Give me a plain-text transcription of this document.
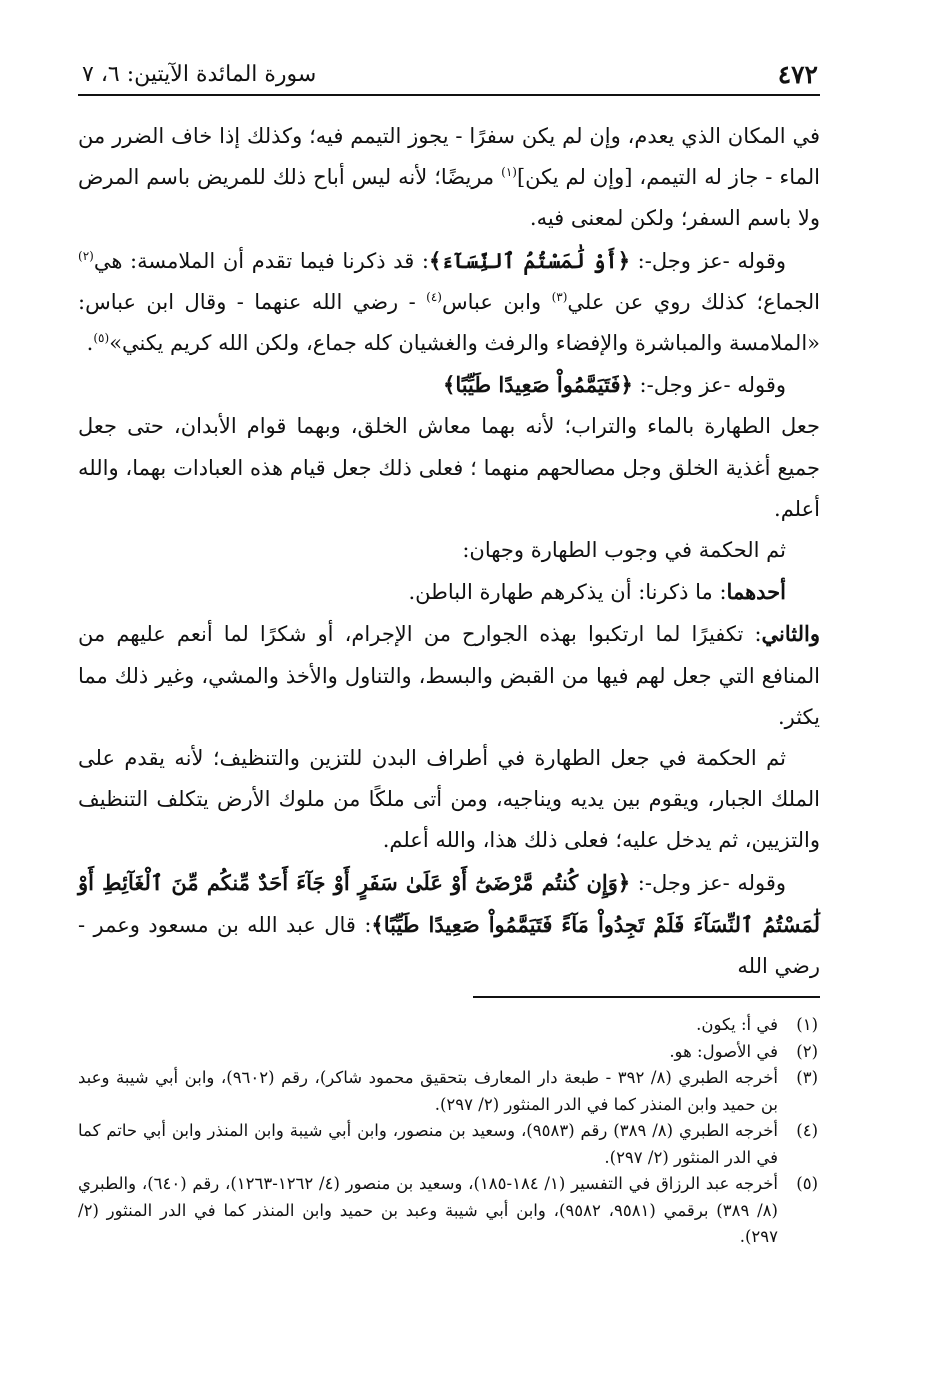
٤٧٢
سورة المائدة الآيتين: ٦، ٧

في المكان الذي يعدم، وإن لم يكن سفرًا - يجوز التيمم فيه؛ وكذلك إذا خاف الضرر من الماء - جاز له التيمم، [وإن لم يكن]$^{(١)}$ مريضًا؛ لأنه ليس أباح ذلك للمريض باسم المرض ولا باسم السفر؛ ولكن لمعنى فيه.

وقوله -عز وجل-: ﴿أَوْ لَٰمَسْتُمُ ٱلنِّسَآءَ﴾: قد ذكرنا فيما تقدم أن الملامسة: هي$^{(٢)}$ الجماع؛ كذلك روي عن علي$^{(٣)}$ وابن عباس$^{(٤)}$ - رضي الله عنهما - وقال ابن عباس: «الملامسة والمباشرة والإفضاء والرفث والغشيان كله جماع، ولكن الله كريم يكني»$^{(٥)}$.

وقوله -عز وجل-: ﴿فَتَيَمَّمُواْ صَعِيدًا طَيِّبًا﴾

جعل الطهارة بالماء والتراب؛ لأنه بهما معاش الخلق، وبهما قوام الأبدان، حتى جعل جميع أغذية الخلق وجل مصالحهم منهما ؛ فعلى ذلك جعل قيام هذه العبادات بهما، والله أعلم.

ثم الحكمة في وجوب الطهارة وجهان:

أحدهما: ما ذكرنا: أن يذكرهم طهارة الباطن.

والثاني: تكفيرًا لما ارتكبوا بهذه الجوارح من الإجرام، أو شكرًا لما أنعم عليهم من المنافع التي جعل لهم فيها من القبض والبسط، والتناول والأخذ والمشي، وغير ذلك مما يكثر.

ثم الحكمة في جعل الطهارة في أطراف البدن للتزين والتنظيف؛ لأنه يقدم على الملك الجبار، ويقوم بين يديه ويناجيه، ومن أتى ملكًا من ملوك الأرض يتكلف التنظيف والتزيين، ثم يدخل عليه؛ فعلى ذلك هذا، والله أعلم.

وقوله -عز وجل-: ﴿وَإِن كُنتُم مَّرْضَىٰٓ أَوْ عَلَىٰ سَفَرٍ أَوْ جَآءَ أَحَدٌ مِّنكُم مِّنَ ٱلْغَآئِطِ أَوْ لَٰمَسْتُمُ ٱلنِّسَآءَ فَلَمْ تَجِدُواْ مَآءً فَتَيَمَّمُواْ صَعِيدًا طَيِّبًا﴾: قال عبد الله بن مسعود وعمر - رضي الله

(١)
في أ: يكون.
(٢)
في الأصول: هو.
(٣)
أخرجه الطبري (٨/ ٣٩٢ - طبعة دار المعارف بتحقيق محمود شاكر)، رقم (٩٦٠٢)، وابن أبي شيبة وعبد بن حميد وابن المنذر كما في الدر المنثور (٢/ ٢٩٧).
(٤)
أخرجه الطبري (٨/ ٣٨٩) رقم (٩٥٨٣)، وسعيد بن منصور، وابن أبي شيبة وابن المنذر وابن أبي حاتم كما في الدر المنثور (٢/ ٢٩٧).
(٥)
أخرجه عبد الرزاق في التفسير (١/ ١٨٤-١٨٥)، وسعيد بن منصور (٤/ ١٢٦٢-١٢٦٣)، رقم (٦٤٠)، والطبري (٨/ ٣٨٩) برقمي (٩٥٨١، ٩٥٨٢)، وابن أبي شيبة وعبد بن حميد وابن المنذر كما في الدر المنثور (٢/ ٢٩٧).
